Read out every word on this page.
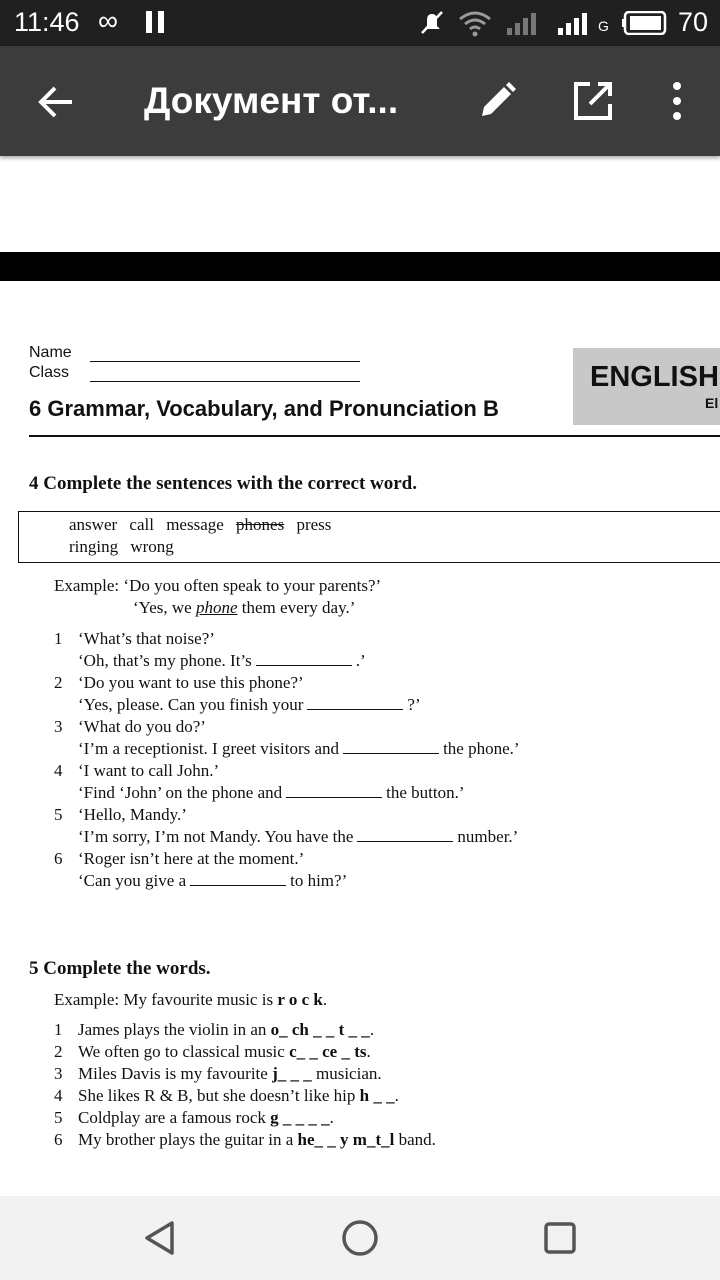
11:46 ∞	G	70
Документ от...
Name
Class	ENGLISH
El
6 Grammar, Vocabulary, and Pronunciation B
4 Complete the sentences with the correct word.
answer call message phones press
ringing wrong
Example: ‘Do you often speak to your parents?’
‘Yes, we phone them every day.’
1 ‘What’s that noise?’
‘Oh, that’s my phone. It’s	.’
2 ‘Do you want to use this phone?’
‘Yes, please. Can you finish your	?’
3 ‘What do you do?’
‘I’m a receptionist. I greet visitors and	the phone.’
4 ‘I want to call John.’
‘Find ‘John’ on the phone and	the button.’
5 ‘Hello, Mandy.’
‘I’m sorry, I’m not Mandy. You have the	number.’
6 ‘Roger isn’t here at the moment.’
‘Can you give a	to him?’
5 Complete the words.
Example: My favourite music is r o c k.
1 James plays the violin in an o_ ch _ _ t _ _.
2 We often go to classical music c_ _ ce _ ts.
3 Miles Davis is my favourite j_ _ _ musician.
4 She likes R & B, but she doesn’t like hip h _ _.
5 Coldplay are a famous rock g _ _ _ _.
6 My brother plays the guitar in a he_ _ y m_t_l band.
